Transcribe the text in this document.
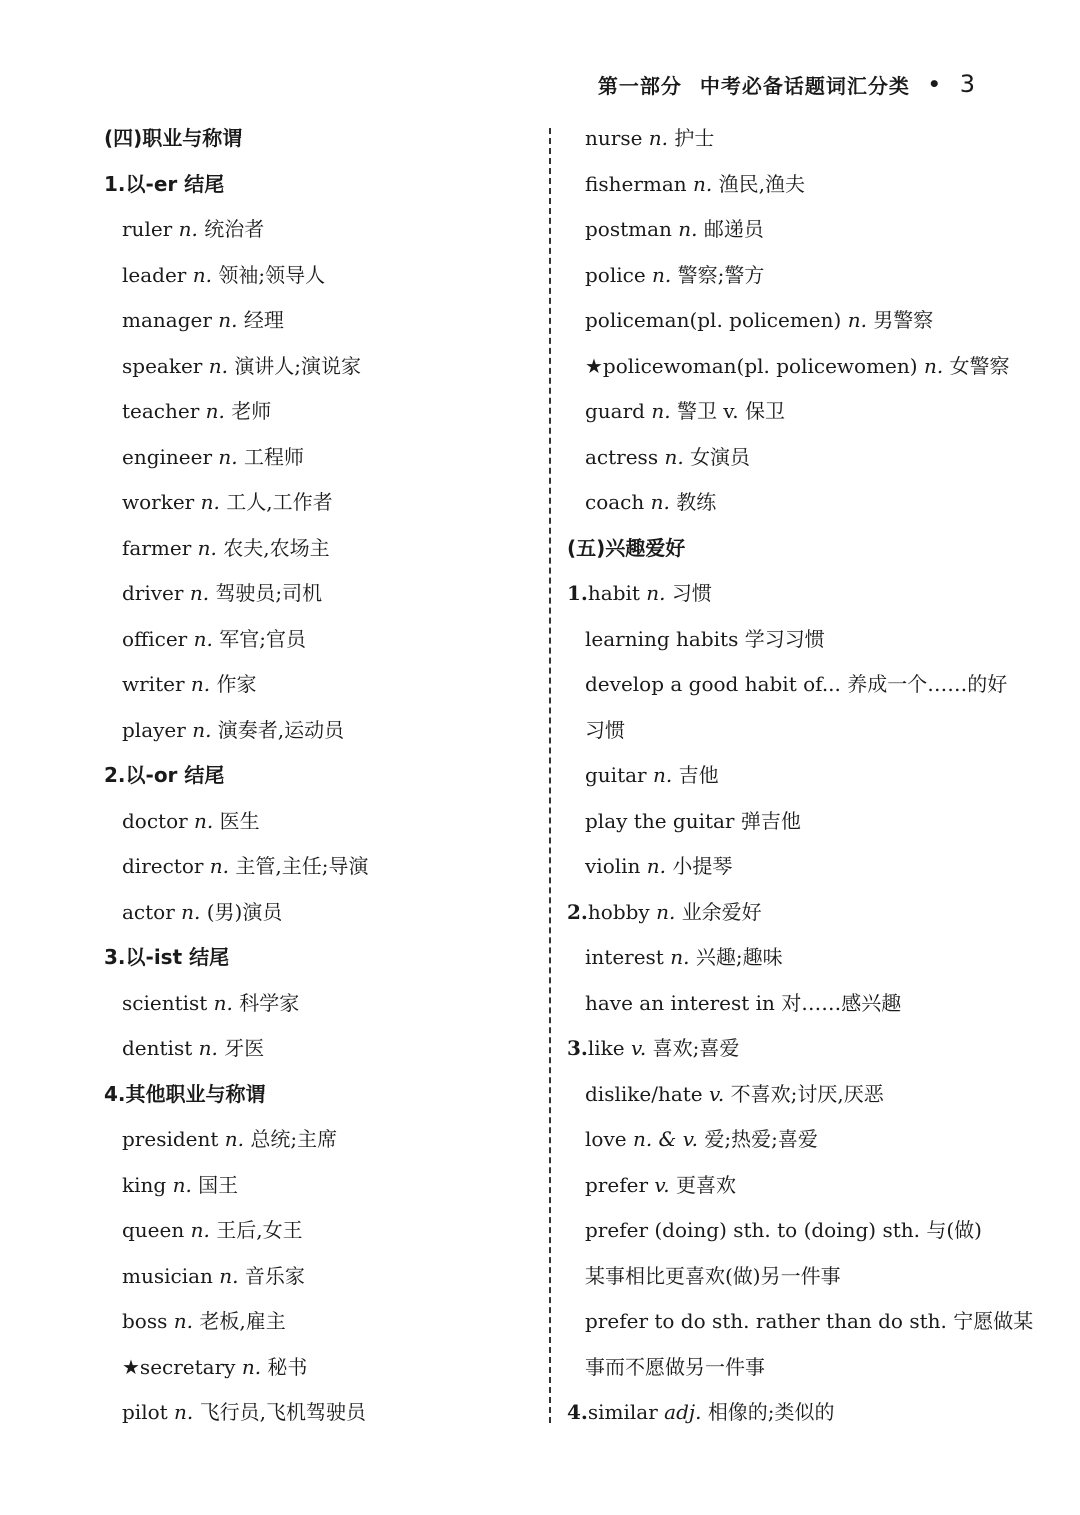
第一部分 中考必备话题词汇分类 • 3
(四)职业与称谓
1.以-er 结尾
ruler n. 统治者
leader n. 领袖;领导人
manager n. 经理
speaker n. 演讲人;演说家
teacher n. 老师
engineer n. 工程师
worker n. 工人,工作者
farmer n. 农夫,农场主
driver n. 驾驶员;司机
officer n. 军官;官员
writer n. 作家
player n. 演奏者,运动员
2.以-or 结尾
doctor n. 医生
director n. 主管,主任;导演
actor n. (男)演员
3.以-ist 结尾
scientist n. 科学家
dentist n. 牙医
4.其他职业与称谓
president n. 总统;主席
king n. 国王
queen n. 王后,女王
musician n. 音乐家
boss n. 老板,雇主
★secretary n. 秘书
pilot n. 飞行员,飞机驾驶员
nurse n. 护士
fisherman n. 渔民,渔夫
postman n. 邮递员
police n. 警察;警方
policeman(pl. policemen) n. 男警察
★policewoman(pl. policewomen) n. 女警察
guard n. 警卫 v. 保卫
actress n. 女演员
coach n. 教练
(五)兴趣爱好
1.habit n. 习惯
learning habits 学习习惯
develop a good habit of... 养成一个……的好
习惯
guitar n. 吉他
play the guitar 弹吉他
violin n. 小提琴
2.hobby n. 业余爱好
interest n. 兴趣;趣味
have an interest in 对……感兴趣
3.like v. 喜欢;喜爱
dislike/hate v. 不喜欢;讨厌,厌恶
love n. & v. 爱;热爱;喜爱
prefer v. 更喜欢
prefer (doing) sth. to (doing) sth. 与(做)
某事相比更喜欢(做)另一件事
prefer to do sth. rather than do sth. 宁愿做某
事而不愿做另一件事
4.similar adj. 相像的;类似的
